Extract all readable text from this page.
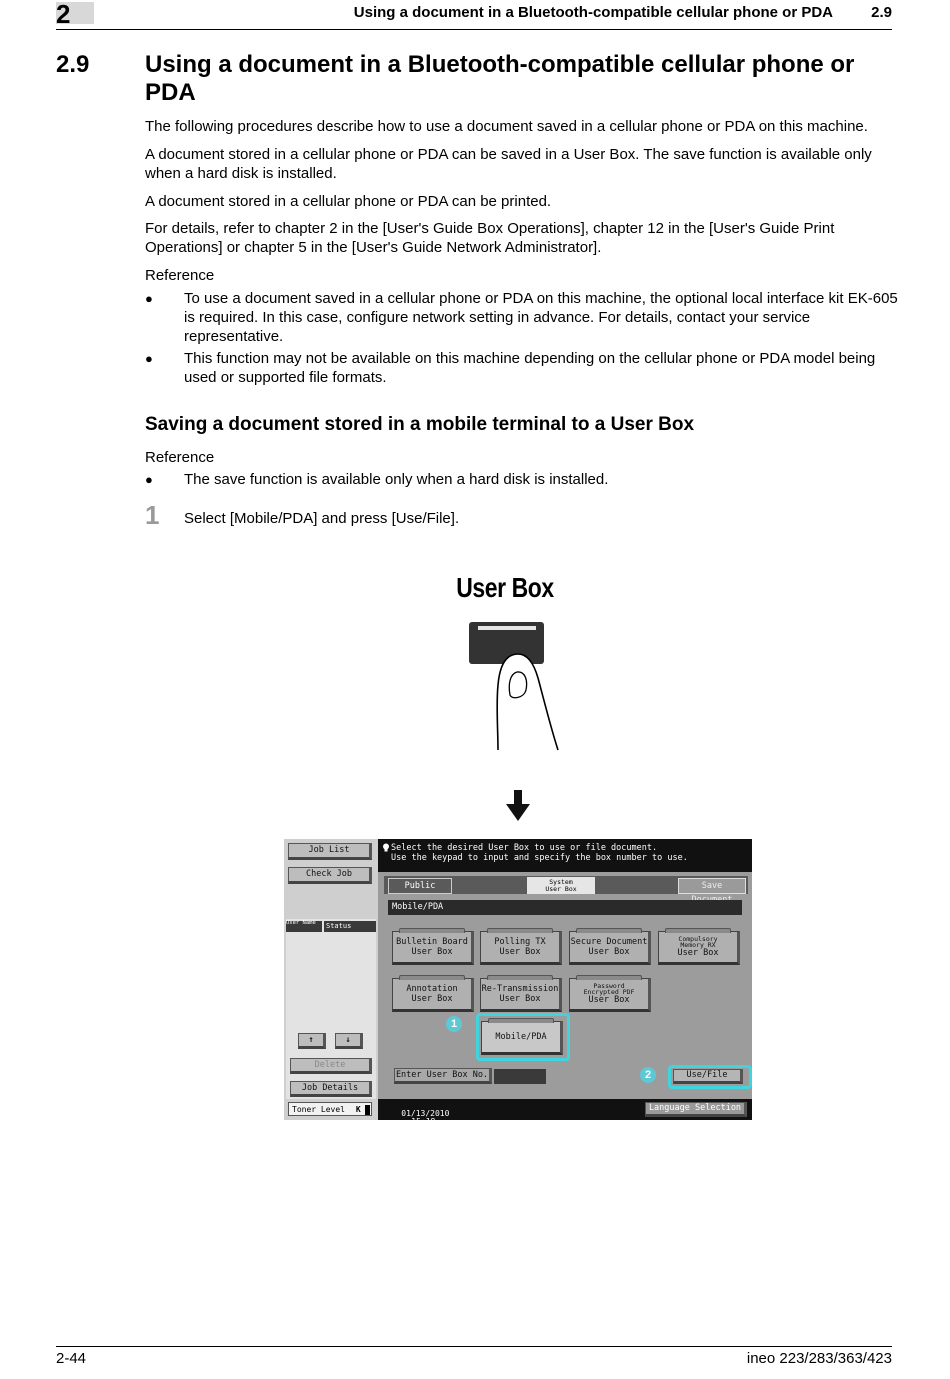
2	Using a document in a Bluetooth-compatible cellular phone or PDA	2.9
2.9 Using a document in a Bluetooth-compatible cellular phone or PDA
The following procedures describe how to use a document saved in a cellular phone or PDA on this machine.
A document stored in a cellular phone or PDA can be saved in a User Box. The save function is available only when a hard disk is installed.
A document stored in a cellular phone or PDA can be printed.
For details, refer to chapter 2 in the [User's Guide Box Operations], chapter 12 in the [User's Guide Print Operations] or chapter 5 in the [User's Guide Network Administrator].
Reference
● To use a document saved in a cellular phone or PDA on this machine, the optional local interface kit EK-605 is required. In this case, configure network setting in advance. For details, contact your service representative.
● This function may not be available on this machine depending on the cellular phone or PDA model being used or supported file formats.
Saving a document stored in a mobile terminal to a User Box
Reference
● The save function is available only when a hard disk is installed.
1 Select [Mobile/PDA] and press [Use/File].
User Box
Job List
Check Job
User Name	Status
↑	↓
Delete
Job Details
Toner Level K
Select the desired User Box to use or file document.
Use the keypad to input and specify the box number to use.
Public	System
User Box	Save
Mobile/PDA
Bulletin Board
User Box
Polling TX
User Box
Secure Document
User Box
Compulsory
Memory RX
User Box
Annotation
User Box
Re-Transmission
User Box
Password
Encrypted PDF
User Box
Mobile/PDA
1
Enter User Box No.	2	Use/File

01/13/2010
15:18

Memory
99%

Language Selection
2-44	ineo 223/283/363/423
